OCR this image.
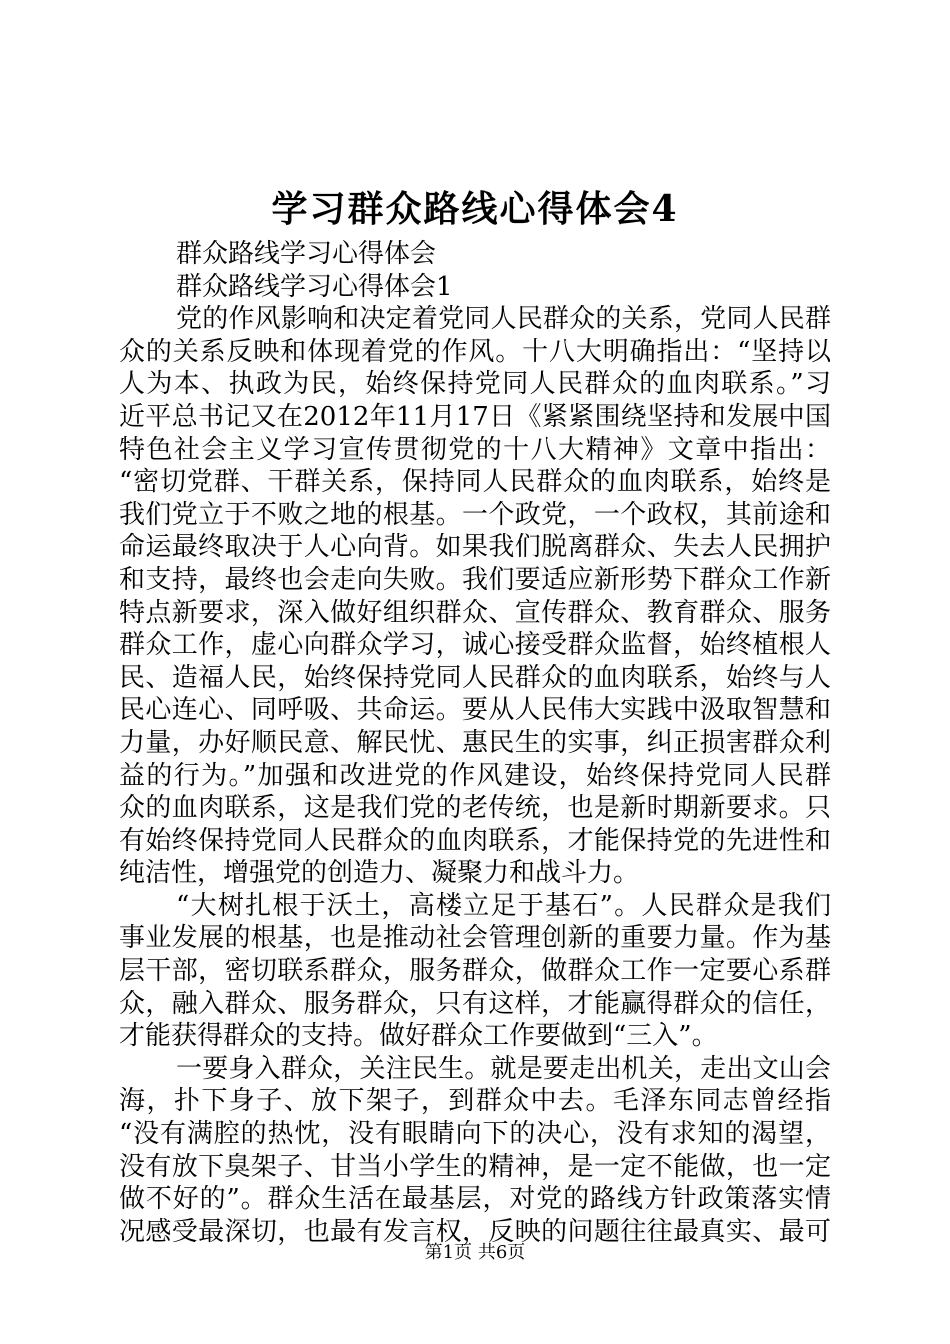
学习群众路线心得体会4
群众路线学习心得体会
群众路线学习心得体会1
党的作风影响和决定着党同人民群众的关系，党同人民群
众的关系反映和体现着党的作风。十八大明确指出：“坚持以
人为本、执政为民，始终保持党同人民群众的血肉联系。”习
近平总书记又在2012年11月17日《紧紧围绕坚持和发展中国
特色社会主义学习宣传贯彻党的十八大精神》文章中指出：
“密切党群、干群关系，保持同人民群众的血肉联系，始终是
我们党立于不败之地的根基。一个政党，一个政权，其前途和
命运最终取决于人心向背。如果我们脱离群众、失去人民拥护
和支持，最终也会走向失败。我们要适应新形势下群众工作新
特点新要求，深入做好组织群众、宣传群众、教育群众、服务
群众工作，虚心向群众学习，诚心接受群众监督，始终植根人
民、造福人民，始终保持党同人民群众的血肉联系，始终与人
民心连心、同呼吸、共命运。要从人民伟大实践中汲取智慧和
力量，办好顺民意、解民忧、惠民生的实事，纠正损害群众利
益的行为。”加强和改进党的作风建设，始终保持党同人民群
众的血肉联系，这是我们党的老传统，也是新时期新要求。只
有始终保持党同人民群众的血肉联系，才能保持党的先进性和
纯洁性，增强党的创造力、凝聚力和战斗力。
“大树扎根于沃土，高楼立足于基石”。人民群众是我们
事业发展的根基，也是推动社会管理创新的重要力量。作为基
层干部，密切联系群众，服务群众，做群众工作一定要心系群
众，融入群众、服务群众，只有这样，才能赢得群众的信任，
才能获得群众的支持。做好群众工作要做到“三入”。
一要身入群众，关注民生。就是要走出机关，走出文山会
海，扑下身子、放下架子，到群众中去。毛泽东同志曾经指
“没有满腔的热忱，没有眼睛向下的决心，没有求知的渴望，
没有放下臭架子、甘当小学生的精神，是一定不能做，也一定
做不好的”。群众生活在最基层，对党的路线方针政策落实情
况感受最深切，也最有发言权，反映的问题往往最真实、最可
第1页 共6页
